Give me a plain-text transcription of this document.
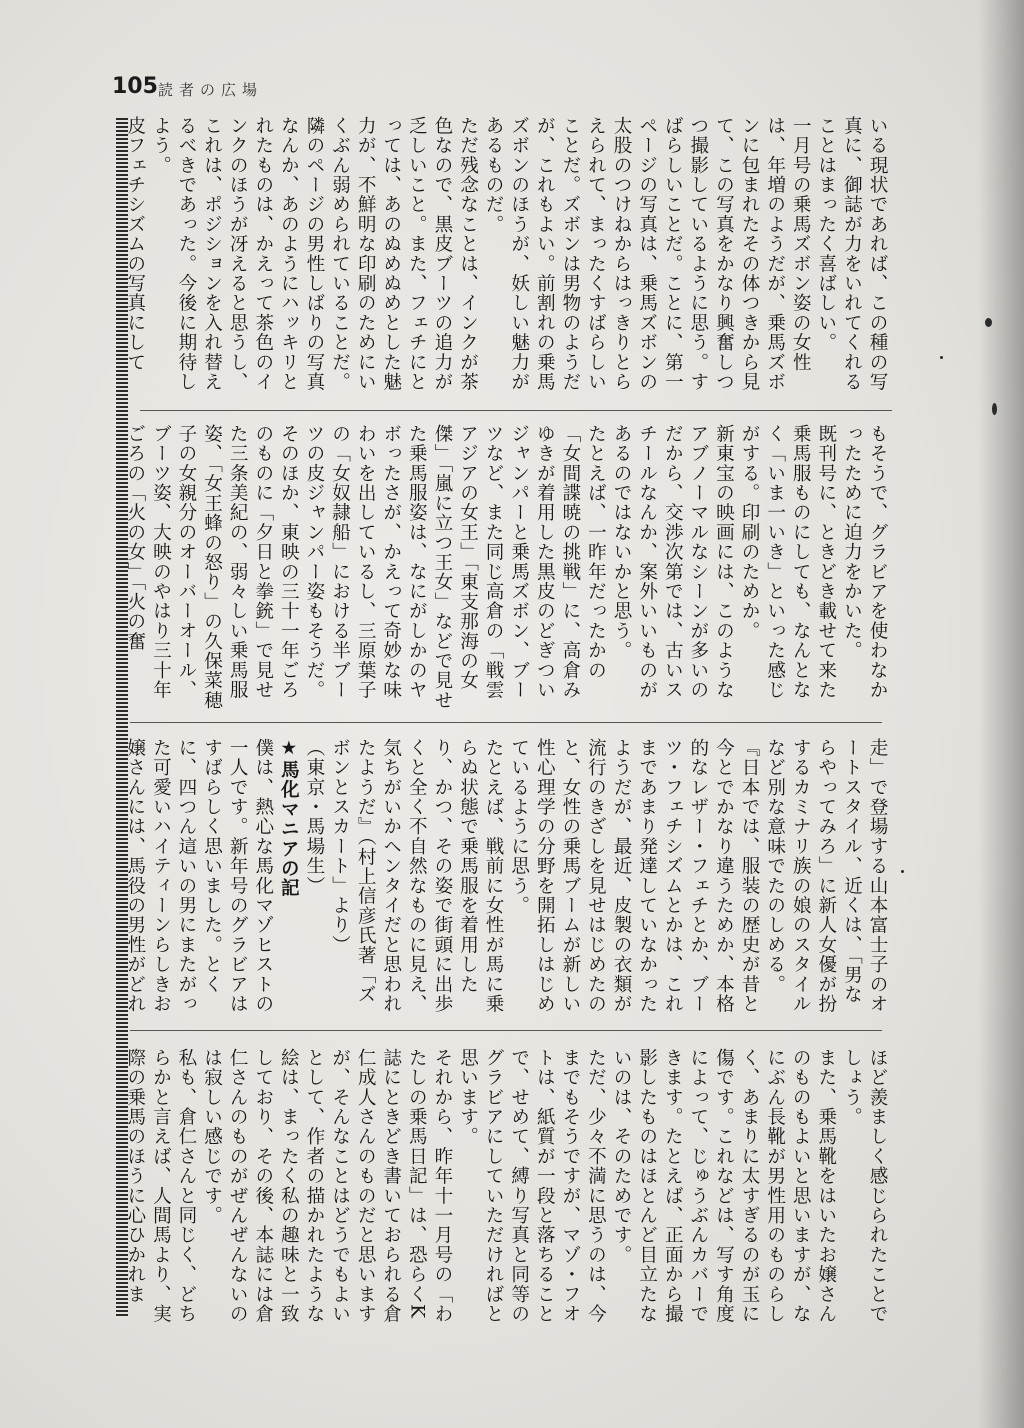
105 読者の広場

いる現状であれば、この種の写真に、御誌が力をいれてくれることはまったく喜ばしい。

一月号の乗馬ズボン姿の女性は、年増のようだが、乗馬ズボンに包まれたその体つきから見て、この写真をかなり興奮しつつ撮影しているように思う。すばらしいことだ。ことに、第一ページの写真は、乗馬ズボンの太股のつけねからはっきりとらえられて、まったくすばらしいことだ。ズボンは男物のようだが、これもよい。前割れの乗馬ズボンのほうが、妖しい魅力があるものだ。

ただ残念なことは、インクが茶色なので、黒皮ブーツの追力が乏しいこと。また、フェチにとっては、あのぬめぬめとした魅力が、不鮮明な印刷のためにいくぶん弱められていることだ。隣のページの男性しばりの写真なんか、あのようにハッキリとれたものは、かえって茶色のインクのほうが冴えると思うし、これは、ポジションを入れ替えるべきであった。今後に期待しよう。

皮フェチシズムの写真にして

もそうで、グラビアを使わなかったために迫力をかいた。

既刊号に、ときどき載せて来た乗馬服ものにしても、なんとなく「いま一いき」といった感じがする。印刷のためか。

新東宝の映画には、このようなアブノーマルなシーンが多いのだから、交渉次第では、古いスチールなんか、案外いいものがあるのではないかと思う。

たとえば、一昨年だったかの「女間諜暁の挑戦」に、高倉みゆきが着用した黒皮のどぎついジャンパーと乗馬ズボン、ブーツなど、また同じ高倉の「戦雲アジアの女王」「東支那海の女傑」「嵐に立つ王女」などで見せた乗馬服姿は、なにがしかのヤボったさが、かえって奇妙な味わいを出しているし、三原葉子の「女奴隷船」における半ブーツの皮ジャンパー姿もそうだ。

そのほか、東映の三十一年ごろのものに「夕日と拳銃」で見せた三条美紀の、弱々しい乗馬服姿、「女王蜂の怒り」の久保菜穂子の女親分のオーバーオール、ブーツ姿、大映のやはり三十年ごろの「火の女」「火の奮

走」で登場する山本富士子のオートスタイル、近くは、「男ならやってみろ」に新人女優が扮するカミナリ族の娘のスタイルなど別な意味でたのしめる。

『日本では、服装の歴史が昔と今とでかなり違うためか、本格的なレザー・フェチとか、ブーツ・フェチシズムとかは、これまであまり発達していなかったようだが、最近、皮製の衣類が流行のきざしを見せはじめたのと、女性の乗馬ブームが新しい性心理学の分野を開拓しはじめているように思う。

たとえば、戦前に女性が馬に乗らぬ状態で乗馬服を着用したり、かつ、その姿で街頭に出歩くと全く不自然なものに見え、気ちがいかヘンタイだと思われたようだ』（村上信彦氏著「ズボンとスカート」より）

（東京・馬場生）

★馬化マニアの記

僕は、熱心な馬化マゾヒストの一人です。新年号のグラビアはすばらしく思いました。とくに、四つん這いの男にまたがった可愛いハイティーンらしきお嬢さんには、馬役の男性がどれ

ほど羨ましく感じられたことでしょう。

また、乗馬靴をはいたお嬢さんのものもよいと思いますが、なにぶん長靴が男性用のものらしく、あまりに太すぎるのが玉に傷です。これなどは、写す角度によって、じゅうぶんカバーできます。たとえば、正面から撮影したものはほとんど目立たないのは、そのためです。

ただ、少々不満に思うのは、今までもそうですが、マゾ・フオトは、紙質が一段と落ちることで、せめて、縛り写真と同等のグラビアにしていただければと思います。

それから、昨年十一月号の「わたしの乗馬日記」は、恐らくK誌にときどき書いておられる倉仁成人さんのものだと思いますが、そんなことはどうでもよいとして、作者の描かれたような絵は、まったく私の趣味と一致しており、その後、本誌には倉仁さんのものがぜんぜんないのは寂しい感じです。

私も、倉仁さんと同じく、どちらかと言えば、人間馬より、実際の乗馬のほうに心ひかれま
